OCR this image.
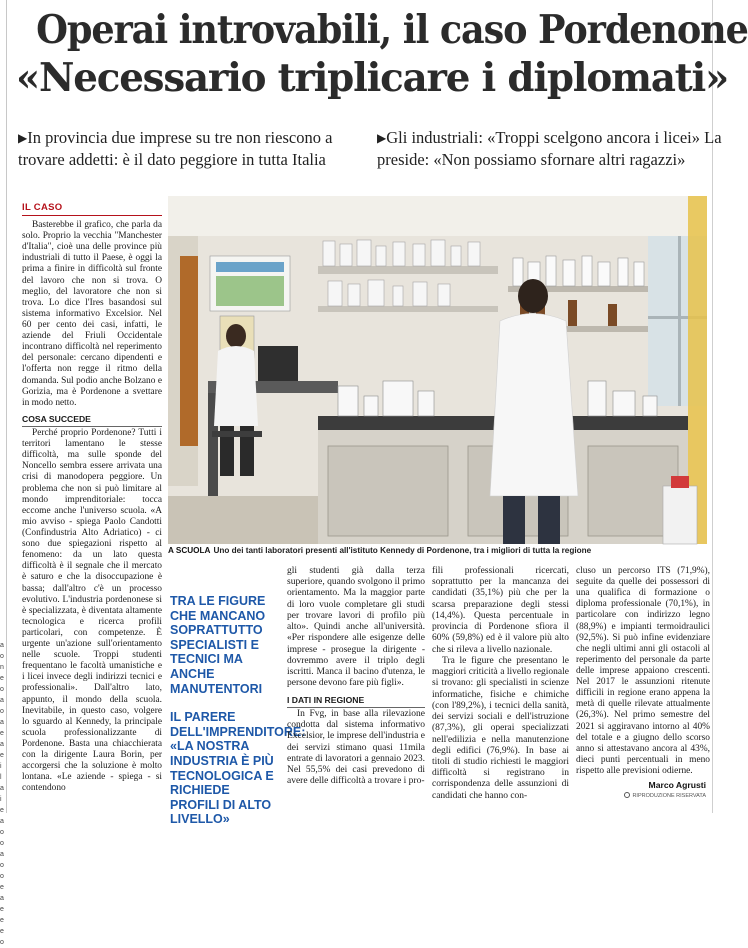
a
o
n
e
o
a
o
a
e
a
e
i
l
a
i
e
a
o
o
a
o
o
e
a
e
e
e
o
Operai introvabili, il caso Pordenone
«Necessario triplicare i diplomati»
▶In provincia due imprese su tre non riescono a trovare addetti: è il dato peggiore in tutta Italia
▶Gli industriali: «Troppi scelgono ancora i licei» La preside: «Non possiamo sfornare altri ragazzi»
IL CASO

Basterebbe il grafico, che parla da solo. Proprio la vecchia "Manchester d'Italia", cioè una delle province più industriali di tutto il Paese, è oggi la prima a finire in difficoltà sul fronte del lavoro che non si trova. O meglio, del lavoratore che non si trova. Lo dice l'Ires basandosi sul sistema informativo Excelsior. Nel 60 per cento dei casi, infatti, le aziende del Friuli Occidentale incontrano difficoltà nel reperimento del personale: cercano dipendenti e l'offerta non regge il ritmo della domanda. Sul podio anche Bolzano e Gorizia, ma è Pordenone a svettare in modo netto.

COSA SUCCEDE

Perché proprio Pordenone? Tutti i territori lamentano le stesse difficoltà, ma sulle sponde del Noncello sembra essere arrivata una crisi di manodopera peggiore. Un problema che non si può limitare al mondo imprenditoriale: tocca eccome anche l'universo scuola. «A mio avviso - spiega Paolo Candotti (Confindustria Alto Adriatico) - ci sono due spiegazioni rispetto al fenomeno: da un lato questa difficoltà è il segnale che il mercato è saturo e che la disoccupazione è bassa; dall'altro c'è un processo evolutivo. L'industria pordenonese si è specializzata, è diventata altamente tecnologica e ricerca profili particolari, con competenze. È urgente un'azione sull'orientamento nelle scuole. Troppi studenti frequentano le facoltà umanistiche e i licei invece degli indirizzi tecnici e professionali». Dall'altro lato, appunto, il mondo della scuola. Inevitabile, in questo caso, volgere lo sguardo al Kennedy, la principale scuola professionalizzante di Pordenone. Basta una chiacchierata con la dirigente Laura Borin, per accorgersi che la soluzione è molto lontana. «Le aziende - spiega - si contendono

A SCUOLA Uno dei tanti laboratori presenti all'istituto Kennedy di Pordenone, tra i migliori di tutta la regione

TRA LE FIGURE CHE MANCANO SOPRATTUTTO SPECIALISTI E TECNICI MA ANCHE MANUTENTORI

IL PARERE DELL'IMPRENDITORE: «LA NOSTRA INDUSTRIA È PIÙ TECNOLOGICA E RICHIEDE PROFILI DI ALTO LIVELLO»

gli studenti già dalla terza superiore, quando svolgono il primo orientamento. Ma la maggior parte di loro vuole completare gli studi per trovare lavori di profilo più alto». Quindi anche all'università. «Per rispondere alle esigenze delle imprese - prosegue la dirigente - dovremmo avere il triplo degli iscritti. Manca il bacino d'utenza, le persone devono fare più figli».

I DATI IN REGIONE

In Fvg, in base alla rilevazione condotta dal sistema informativo Excelsior, le imprese dell'industria e dei servizi stimano quasi 11mila entrate di lavoratori a gennaio 2023. Nel 55,5% dei casi prevedono di avere delle difficoltà a trovare i pro-

fili professionali ricercati, soprattutto per la mancanza dei candidati (35,1%) più che per la scarsa preparazione degli stessi (14,4%). Questa percentuale in provincia di Pordenone sfiora il 60% (59,8%) ed è il valore più alto che si rileva a livello nazionale.

Tra le figure che presentano le maggiori criticità a livello regionale si trovano: gli specialisti in scienze informatiche, fisiche e chimiche (con l'89,2%), i tecnici della sanità, dei servizi sociali e dell'istruzione (87,3%), gli operai specializzati nell'edilizia e nella manutenzione degli edifici (76,9%). In base ai titoli di studio richiesti le maggiori difficoltà si registrano in corrispondenza delle assunzioni di candidati che hanno con-

cluso un percorso ITS (71,9%), seguite da quelle dei possessori di una qualifica di formazione o diploma professionale (70,1%), in particolare con indirizzo legno (88,9%) e impianti termoidraulici (92,5%). Si può infine evidenziare che negli ultimi anni gli ostacoli al reperimento del personale da parte delle imprese appaiono crescenti. Nel 2017 le assunzioni ritenute difficili in regione erano appena la metà di quelle rilevate attualmente (26,3%). Nel primo semestre del 2021 si aggiravano intorno al 40% del totale e a giugno dello scorso anno si attestavano ancora al 43%, dieci punti percentuali in meno rispetto alle previsioni odierne.

Marco Agrusti
RIPRODUZIONE RISERVATA
